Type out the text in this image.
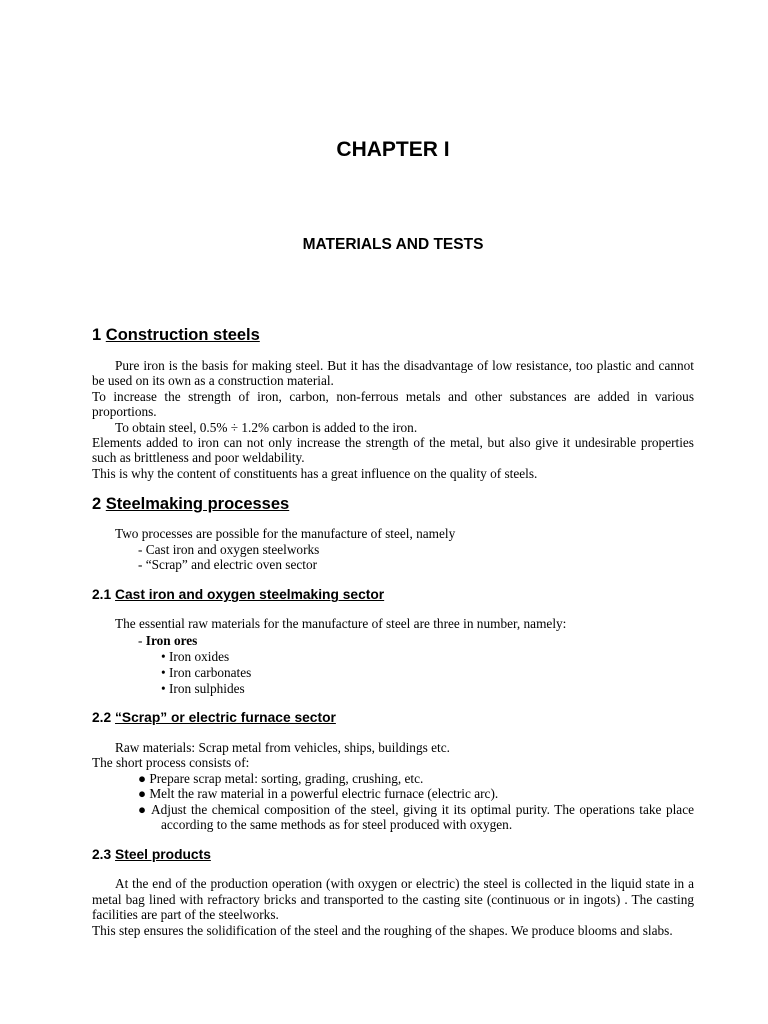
CHAPTER I
MATERIALS AND TESTS
1 Construction steels

Pure iron is the basis for making steel. But it has the disadvantage of low resistance, too plastic and cannot be used on its own as a construction material.

To increase the strength of iron, carbon, non-ferrous metals and other substances are added in various proportions.

To obtain steel, 0.5% ÷ 1.2% carbon is added to the iron.

Elements added to iron can not only increase the strength of the metal, but also give it undesirable properties such as brittleness and poor weldability.

This is why the content of constituents has a great influence on the quality of steels.

2 Steelmaking processes

Two processes are possible for the manufacture of steel, namely

- Cast iron and oxygen steelworks

- “Scrap” and electric oven sector

2.1 Cast iron and oxygen steelmaking sector

The essential raw materials for the manufacture of steel are three in number, namely:

- Iron ores

• Iron oxides

• Iron carbonates

• Iron sulphides

2.2 “Scrap” or electric furnace sector

Raw materials: Scrap metal from vehicles, ships, buildings etc.

The short process consists of:

● Prepare scrap metal: sorting, grading, crushing, etc.

● Melt the raw material in a powerful electric furnace (electric arc).

● Adjust the chemical composition of the steel, giving it its optimal purity. The operations take place according to the same methods as for steel produced with oxygen.

2.3 Steel products

At the end of the production operation (with oxygen or electric) the steel is collected in the liquid state in a metal bag lined with refractory bricks and transported to the casting site (continuous or in ingots) . The casting facilities are part of the steelworks.

This step ensures the solidification of the steel and the roughing of the shapes. We produce blooms and slabs.
